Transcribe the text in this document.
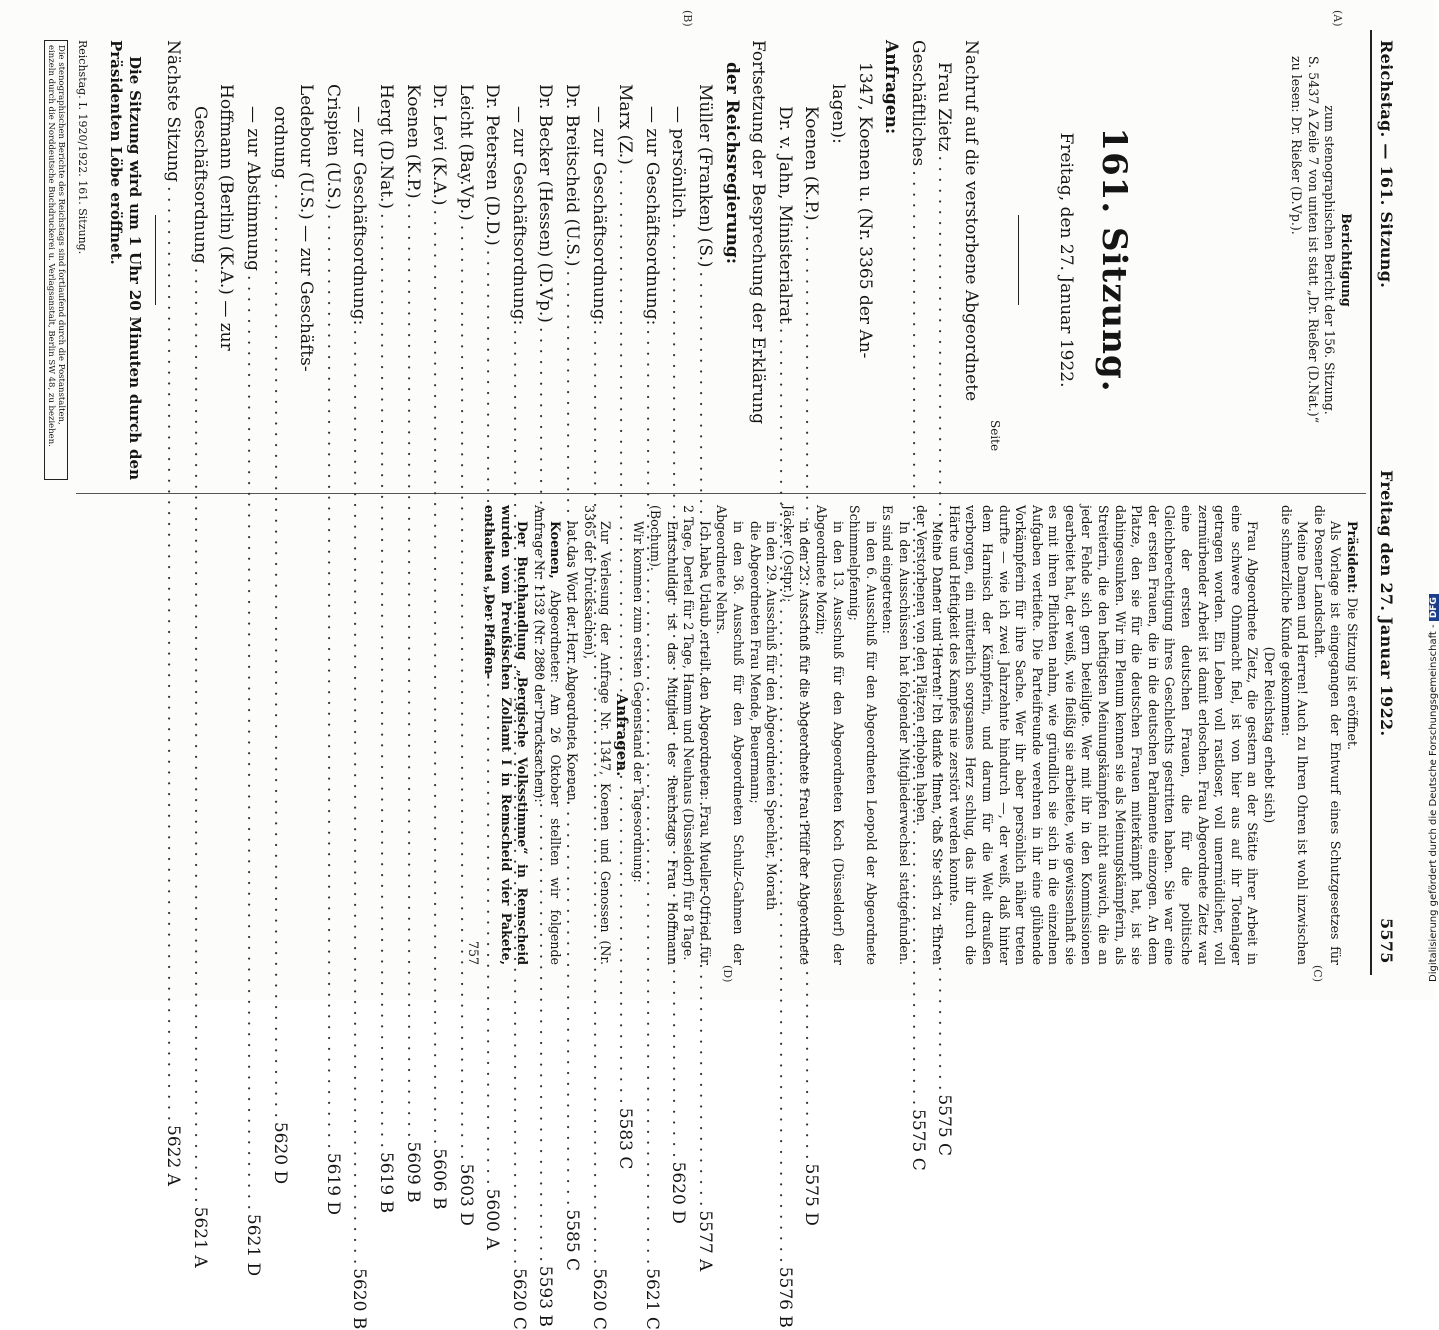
Reichstag. — 161. Sitzung.
Freitag den 27. Januar 1922.
5575
(A)
(B)
(C)
(D)

Berichtigung

zum stenographischen Bericht der 156. Sitzung.

S. 5437 A Zeile 7 von unten ist statt „Dr. Rießer (D.Nat.)“

zu lesen: Dr. Rießer (D.Vp.).

161. Sitzung.
Freitag, den 27. Januar 1922.
Seite
Nachruf auf die verstorbene Abgeordnete
Frau Zietz
. . .
5575 C
Geschäftliches
. . .
5575 C
Anfragen:
1347, Koenen u. (Nr. 3365 der An-
lagen):
Koenen (K.P.)
. . .
5575 D
Dr. v. Jahn, Ministerialrat
. . .
5576 B
Fortsetzung der Besprechung der Erklärung
der Reichsregierung:
Müller (Franken) (S.)
. . .
5577 A
— persönlich
. . .
5620 D
— zur Geschäftsordnung:
. . .
5621 C
Marx (Z.)
. . .
5583 C
— zur Geschäftsordnung:
. . .
5620 C
Dr. Breitscheid (U.S.)
. . .
5585 C
Dr. Becker (Hessen) (D.Vp.)
. . .
5593 B
— zur Geschäftsordnung:
. . .
5620 C
Dr. Petersen (D.D.)
. . .
5600 A
Leicht (Bay.Vp.)
. . .
5603 D
Dr. Levi (K.A.)
. . .
5606 B
Koenen (K.P.)
. . .
5609 B
Hergt (D.Nat.)
. . .
5619 B
— zur Geschäftsordnung:
. . .
5620 B
Crispien (U.S.)
. . .
5619 D
Ledebour (U.S.) — zur Geschäfts-
ordnung
. . .
5620 D
— zur Abstimmung
. . .
5621 D
Hoffmann (Berlin) (K.A.) — zur
Geschäftsordnung
. . .
5621 A
Nächste Sitzung
. . .
5622 A

Die Sitzung wird um 1 Uhr 20 Minuten durch den Präsidenten Löbe eröffnet.

Reichstag. I. 1920/1922. 161. Sitzung.
Die stenographischen Berichte des Reichstags sind fortlaufend durch die Postanstalten,
einzeln durch die Norddeutsche Buchdruckerei u. Verlagsanstalt, Berlin SW 48, zu beziehen.

Präsident: Die Sitzung ist eröffnet.

Als Vorlage ist eingegangen der Entwurf eines Schutzgesetzes für die Posener Landschaft.

Meine Damen und Herren! Auch zu Ihren Ohren ist wohl inzwischen die schmerzliche Kunde gekommen:

(Der Reichstag erhebt sich)

Frau Abgeordnete Zietz, die gestern an der Stätte ihrer Arbeit in eine schwere Ohnmacht fiel, ist von hier aus auf ihr Totenlager getragen worden. Ein Leben voll rastloser, voll unermüdlicher, voll zermürbender Arbeit ist damit erloschen. Frau Abgeordnete Zietz war eine der ersten deutschen Frauen, die für die politische Gleichberechtigung ihres Geschlechts gestritten haben. Sie war eine der ersten Frauen, die in die deutschen Parlamente einzogen. An dem Platze, den sie für die deutschen Frauen miterkämpft hat, ist sie dahingesunken. Wir im Plenum kennen sie als Meinungskämpferin, als Streiterin, die den heftigsten Meinungskämpfen nicht auswich, die an jeder Fehde sich gern beteiligte. Wer mit ihr in den Kommissionen gearbeitet hat, der weiß, wie fleißig sie arbeitete, wie gewissenhaft sie es mit ihren Pflichten nahm, wie gründlich sie sich in die einzelnen Aufgaben vertiefte. Die Parteifreunde verehren in ihr eine glühende Vorkämpferin für ihre Sache. Wer ihr aber persönlich näher treten durfte — wie ich zwei Jahrzehnte hindurch —, der weiß, daß hinter dem Harnisch der Kämpferin, und darum für die Welt draußen verborgen, ein mütterlich sorgsames Herz schlug, das ihr durch die Härte und Heftigkeit des Kampfes nie zerstört werden konnte.

Meine Damen und Herren! Ich danke Ihnen, daß Sie sich zu Ehren der Verstorbenen von den Plätzen erhoben haben.

In den Ausschüssen hat folgender Mitgliederwechsel stattgefunden. Es sind eingetreten:

in den 6. Ausschuß für den Abgeordneten Leopold der Abgeordnete Schimmelpfennig;

in den 13. Ausschuß für den Abgeordneten Koch (Düsseldorf) der Abgeordnete Mozin;

in den 23. Ausschuß für die Abgeordnete Frau Pfülf der Abgeordnete Jäcker (Ostpr.);

in den 29. Ausschuß für den Abgeordneten Spechler, Morath

die Abgeordneten Frau Mende, Beuermann;

in den 36. Ausschuß für den Abgeordneten Schulz-Gahmen der Abgeordnete Nehrs.

Ich habe Urlaub erteilt den Abgeordneten: Frau Mueller-Otfried für 2 Tage, Dertel für 2 Tage, Hamm und Neuhaus (Düsseldorf) für 8 Tage.

Entschuldigt ist das Mitglied des Reichstags Frau Hoffmann (Bochum).

Wir kommen zum ersten Gegenstand der Tagesordnung:

Anfragen.

Zur Verlesung der Anfrage Nr. 1347, Koenen und Genossen (Nr. 3365 der Drucksachen),

hat das Wort der Herr Abgeordnete Koenen.

Koenen, Abgeordneter: Am 26 Oktober stellten wir folgende Anfrage Nr. 1132 (Nr. 2880 der Drucksachen):

Der Buchhandlung „Bergische Volksstimme“ in Remscheid wurden vom Preußischen Zollamt I in Remscheid vier Pakete, enthaltend „Der Pfaffen-

757	Digitalisierung gefördert durch die Deutsche Forschungsgemeinschaft - DFG
